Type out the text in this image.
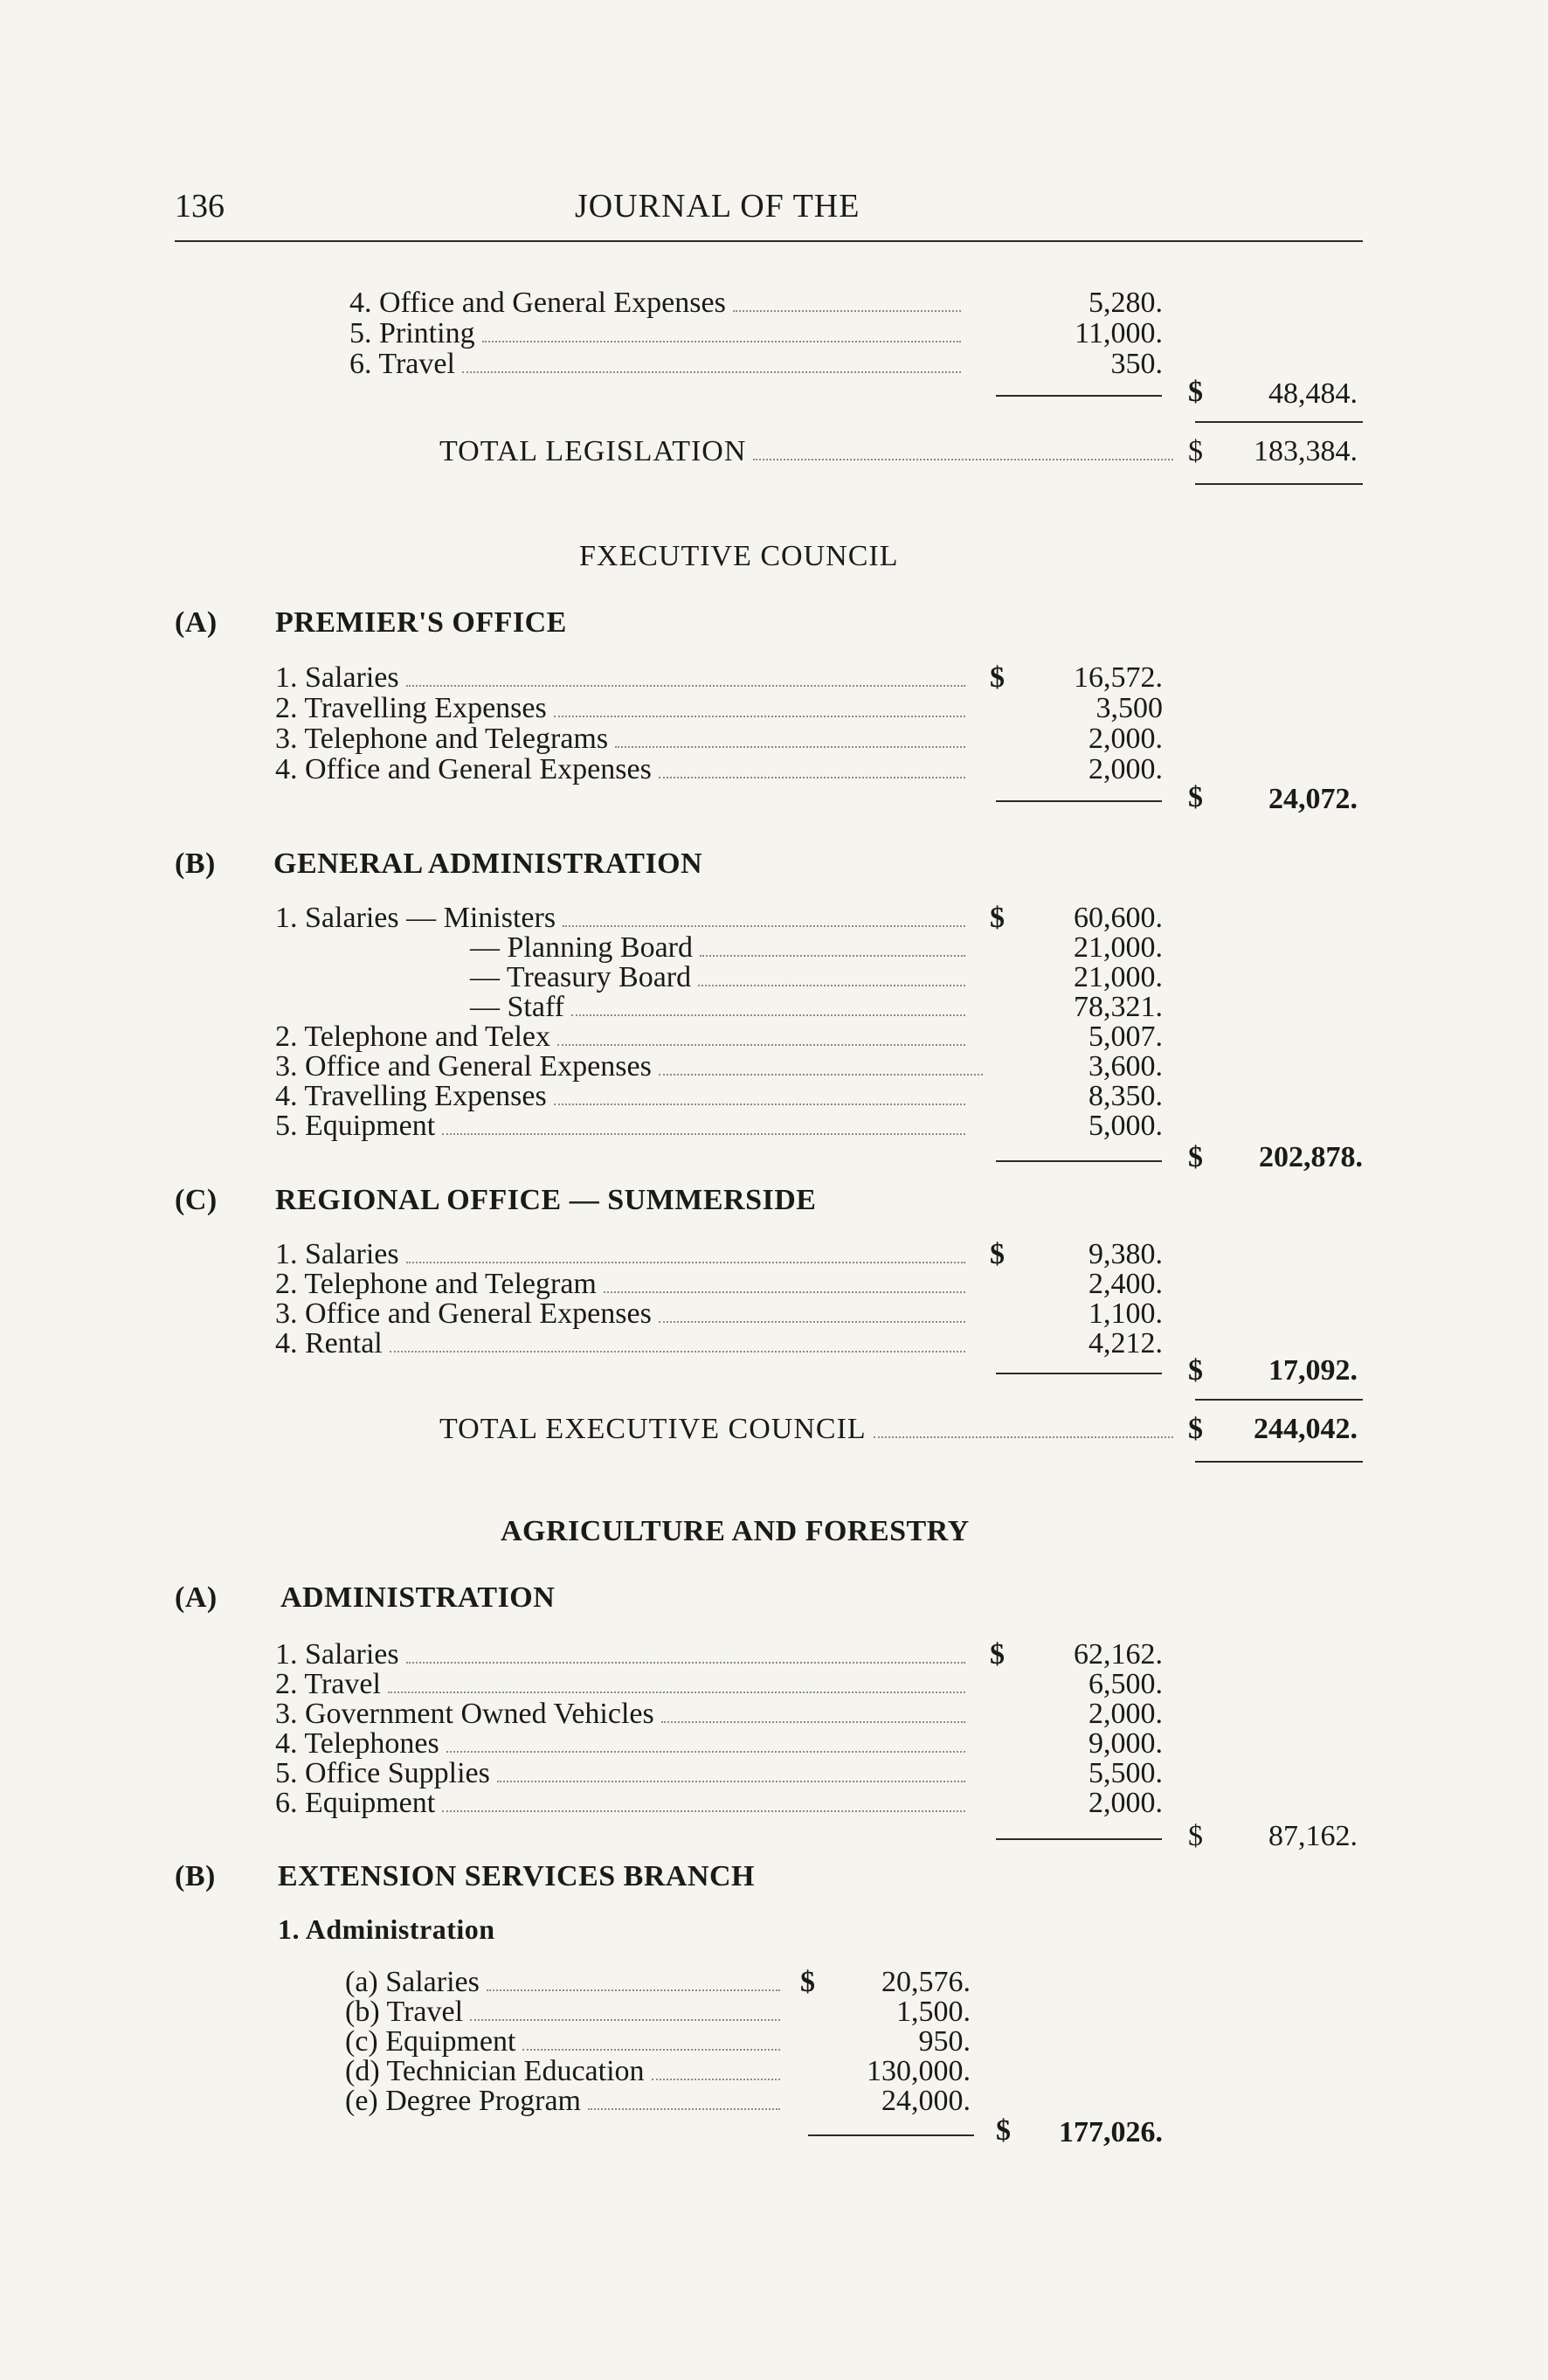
136	JOURNAL OF THE
4. Office and General Expenses	5,280.
5. Printing	11,000.
6. Travel	350.
$ 48,484.
TOTAL LEGISLATION	$ 183,384.
FXECUTIVE COUNCIL
(A) PREMIER'S OFFICE
1. Salaries	$ 16,572.
2. Travelling Expenses	3,500
3. Telephone and Telegrams	2,000.
4. Office and General Expenses	2,000.
$ 24,072.
(B) GENERAL ADMINISTRATION
1. Salaries — Ministers	$ 60,600.
— Planning Board	21,000.
— Treasury Board	21,000.
— Staff	78,321.
2. Telephone and Telex	5,007.
3. Office and General Expenses	3,600.
4. Travelling Expenses	8,350.
5. Equipment	5,000.
$ 202,878.
(C) REGIONAL OFFICE — SUMMERSIDE
1. Salaries	$	9,380.
2. Telephone and Telegram	2,400.
3. Office and General Expenses	1,100.
4. Rental	4,212.
$ 17,092.
TOTAL EXECUTIVE COUNCIL	$ 244,042.
AGRICULTURE AND FORESTRY
(A) ADMINISTRATION
1. Salaries	$ 62,162.
2. Travel	6,500.
3. Government Owned Vehicles	2,000.
4. Telephones	9,000.
5. Office Supplies	5,500.
6. Equipment	2,000.
$ 87,162.
(B) EXTENSION SERVICES BRANCH
1. Administration
(a) Salaries	$ 20,576.
(b) Travel	1,500.
(c) Equipment	950.
(d) Technician Education	130,000.
(e) Degree Program	24,000.
$ 177,026.
